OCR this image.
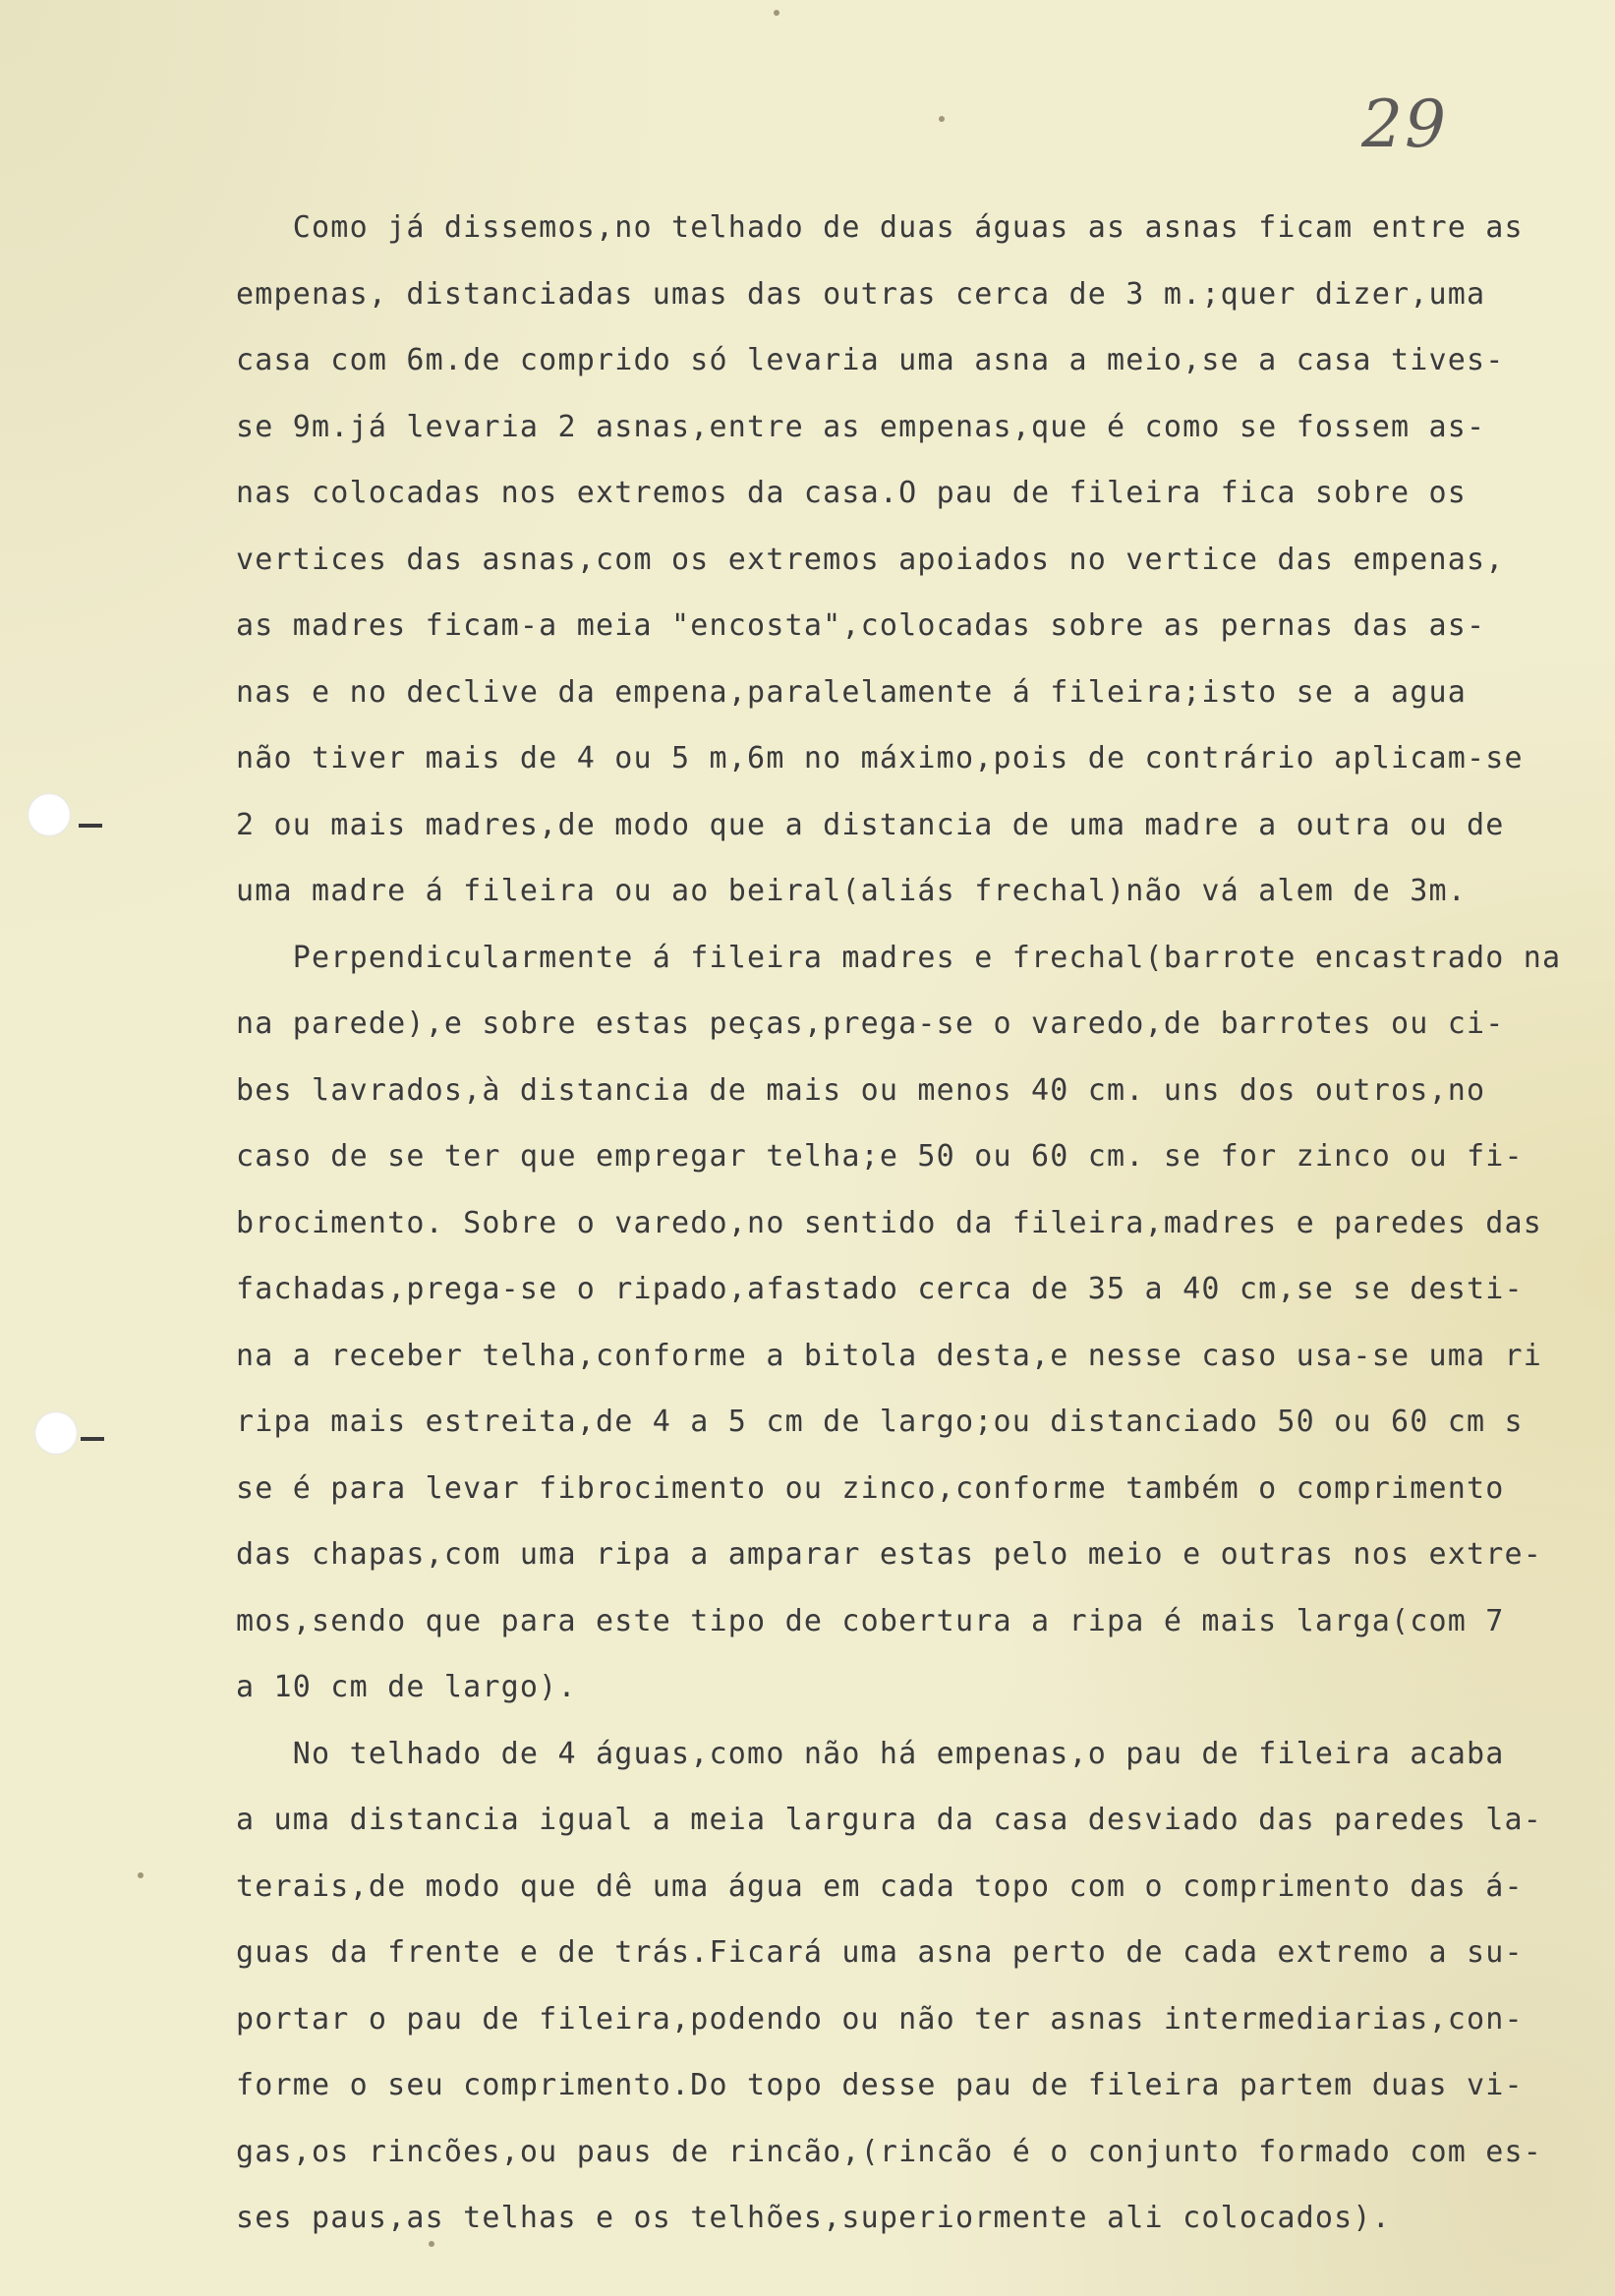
29
Como já dissemos,no telhado de duas águas as asnas ficam entre as
empenas, distanciadas umas das outras cerca de 3 m.;quer dizer,uma
casa com 6m.de comprido só levaria uma asna a meio,se a casa tives-
se 9m.já levaria 2 asnas,entre as empenas,que é como se fossem as-
nas colocadas nos extremos da casa.O pau de fileira fica sobre os
vertices das asnas,com os extremos apoiados no vertice das empenas,
as madres ficam-a meia "encosta",colocadas sobre as pernas das as-
nas e no declive da empena,paralelamente á fileira;isto se a agua
não tiver mais de 4 ou 5 m,6m no máximo,pois de contrário aplicam-se
2 ou mais madres,de modo que a distancia de uma madre a outra ou de
uma madre á fileira ou ao beiral(aliás frechal)não vá alem de 3m.
Perpendicularmente á fileira madres e frechal(barrote encastrado na
na parede),e sobre estas peças,prega-se o varedo,de barrotes ou ci-
bes lavrados,à distancia de mais ou menos 40 cm. uns dos outros,no
caso de se ter que empregar telha;e 50 ou 60 cm. se for zinco ou fi-
brocimento. Sobre o varedo,no sentido da fileira,madres e paredes das
fachadas,prega-se o ripado,afastado cerca de 35 a 40 cm,se se desti-
na a receber telha,conforme a bitola desta,e nesse caso usa-se uma ri
ripa mais estreita,de 4 a 5 cm de largo;ou distanciado 50 ou 60 cm s
se é para levar fibrocimento ou zinco,conforme também o comprimento
das chapas,com uma ripa a amparar estas pelo meio e outras nos extre-
mos,sendo que para este tipo de cobertura a ripa é mais larga(com 7
a 10 cm de largo).
No telhado de 4 águas,como não há empenas,o pau de fileira acaba
a uma distancia igual a meia largura da casa desviado das paredes la-
terais,de modo que dê uma água em cada topo com o comprimento das á-
guas da frente e de trás.Ficará uma asna perto de cada extremo a su-
portar o pau de fileira,podendo ou não ter asnas intermediarias,con-
forme o seu comprimento.Do topo desse pau de fileira partem duas vi-
gas,os rincões,ou paus de rincão,(rincão é o conjunto formado com es-
ses paus,as telhas e os telhões,superiormente ali colocados).
